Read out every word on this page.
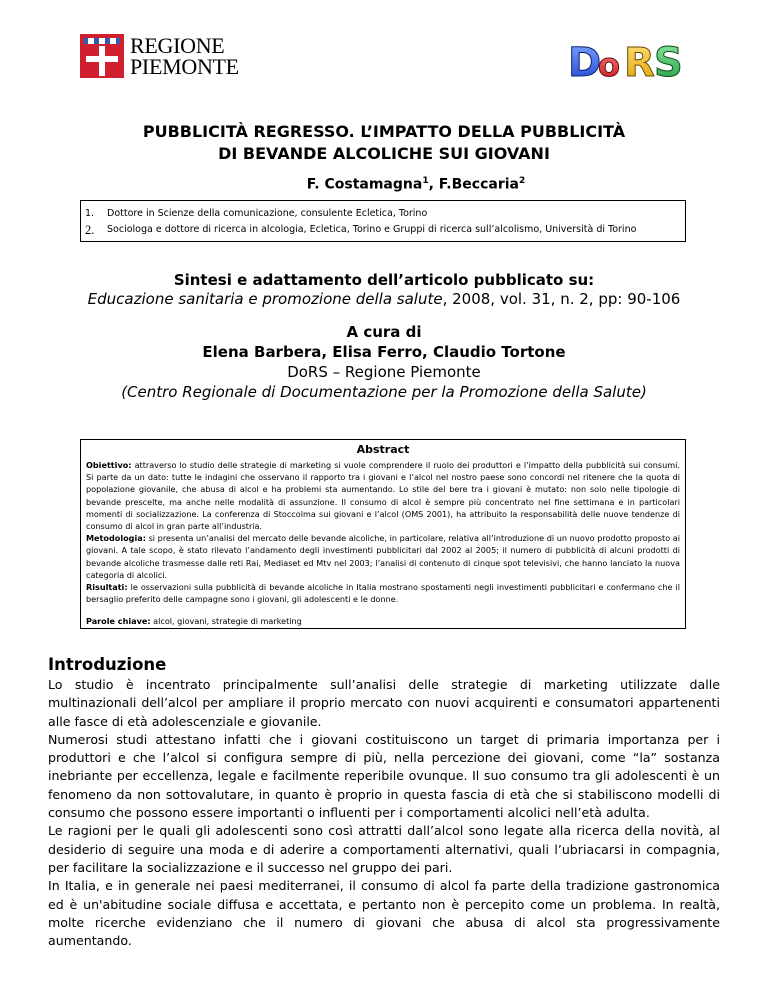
REGIONE
PIEMONTE	D
o R S
PUBBLICITÀ REGRESSO. L’IMPATTO DELLA PUBBLICITÀ
DI BEVANDE ALCOLICHE SUI GIOVANI
F. Costamagna$^1$, F.Beccaria$^2$
1.	Dottore in Scienze della comunicazione, consulente Ecletica, Torino
2.	Sociologa e dottore di ricerca in alcologia, Ecletica, Torino e Gruppi di ricerca sull’alcolismo, Università di Torino
Sintesi e adattamento dell’articolo pubblicato su:
Educazione sanitaria e promozione della salute, 2008, vol. 31, n. 2, pp: 90-106
A cura di
Elena Barbera, Elisa Ferro, Claudio Tortone
DoRS – Regione Piemonte
(Centro Regionale di Documentazione per la Promozione della Salute)
Abstract

Obiettivo: attraverso lo studio delle strategie di marketing si vuole comprendere il ruolo dei produttori e l’impatto della pubblicità sui consumi. Si parte da un dato: tutte le indagini che osservano il rapporto tra i giovani e l’alcol nel nostro paese sono concordi nel ritenere che la quota di popolazione giovanile, che abusa di alcol e ha problemi sta aumentando. Lo stile del bere tra i giovani è mutato: non solo nelle tipologie di bevande prescelte, ma anche nelle modalità di assunzione. Il consumo di alcol è sempre più concentrato nel fine settimana e in particolari momenti di socializzazione. La conferenza di Stoccolma sui giovani e l’alcol (OMS 2001), ha attribuito la responsabilità delle nuove tendenze di consumo di alcol in gran parte all’industria.

Metodologia: si presenta un’analisi del mercato delle bevande alcoliche, in particolare, relativa all’introduzione di un nuovo prodotto proposto ai giovani. A tale scopo, è stato rilevato l’andamento degli investimenti pubblicitari dal 2002 al 2005; il numero di pubblicità di alcuni prodotti di bevande alcoliche trasmesse dalle reti Rai, Mediaset ed Mtv nel 2003; l’analisi di contenuto di cinque spot televisivi, che hanno lanciato la nuova categoria di alcolici.

Risultati: le osservazioni sulla pubblicità di bevande alcoliche in Italia mostrano spostamenti negli investimenti pubblicitari e confermano che il bersaglio preferito delle campagne sono i giovani, gli adolescenti e le donne.

Parole chiave: alcol, giovani, strategie di marketing

Introduzione

Lo studio è incentrato principalmente sull’analisi delle strategie di marketing utilizzate dalle multinazionali dell’alcol per ampliare il proprio mercato con nuovi acquirenti e consumatori appartenenti alle fasce di età adolescenziale e giovanile.

Numerosi studi attestano infatti che i giovani costituiscono un target di primaria importanza per i produttori e che l’alcol si configura sempre di più, nella percezione dei giovani, come “la” sostanza inebriante per eccellenza, legale e facilmente reperibile ovunque. Il suo consumo tra gli adolescenti è un fenomeno da non sottovalutare, in quanto è proprio in questa fascia di età che si stabiliscono modelli di consumo che possono essere importanti o influenti per i comportamenti alcolici nell’età adulta.

Le ragioni per le quali gli adolescenti sono così attratti dall’alcol sono legate alla ricerca della novità, al desiderio di seguire una moda e di aderire a comportamenti alternativi, quali l’ubriacarsi in compagnia, per facilitare la socializzazione e il successo nel gruppo dei pari.

In Italia, e in generale nei paesi mediterranei, il consumo di alcol fa parte della tradizione gastronomica ed è un'abitudine sociale diffusa e accettata, e pertanto non è percepito come un problema. In realtà, molte ricerche evidenziano che il numero di giovani che abusa di alcol sta progressivamente aumentando.
